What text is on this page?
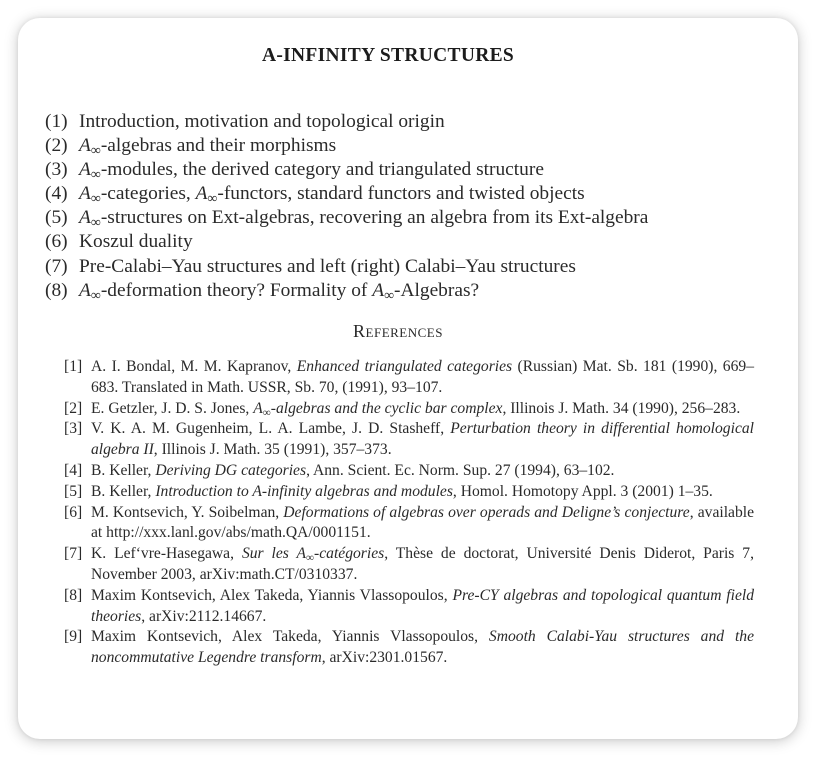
A-INFINITY STRUCTURES
(1) Introduction, motivation and topological origin
(2) $A_\infty$-algebras and their morphisms
(3) $A_\infty$-modules, the derived category and triangulated structure
(4) $A_\infty$-categories, $A_\infty$-functors, standard functors and twisted objects
(5) $A_\infty$-structures on Ext-algebras, recovering an algebra from its Ext-algebra
(6) Koszul duality
(7) Pre-Calabi–Yau structures and left (right) Calabi–Yau structures
(8) $A_\infty$-deformation theory? Formality of $A_\infty$-Algebras?
References
[1] A. I. Bondal, M. M. Kapranov, Enhanced triangulated categories (Russian) Mat. Sb. 181 (1990), 669–683. Translated in Math. USSR, Sb. 70, (1991), 93–107.
[2] E. Getzler, J. D. S. Jones, $A_\infty$-algebras and the cyclic bar complex, Illinois J. Math. 34 (1990), 256–283.
[3] V. K. A. M. Gugenheim, L. A. Lambe, J. D. Stasheff, Perturbation theory in differential homological algebra II, Illinois J. Math. 35 (1991), 357–373.
[4] B. Keller, Deriving DG categories, Ann. Scient. Ec. Norm. Sup. 27 (1994), 63–102.
[5] B. Keller, Introduction to A-infinity algebras and modules, Homol. Homotopy Appl. 3 (2001) 1–35.
[6] M. Kontsevich, Y. Soibelman, Deformations of algebras over operads and Deligne’s conjecture, available at http://xxx.lanl.gov/abs/math.QA/0001151.
[7] K. Lef‘vre-Hasegawa, Sur les $A_\infty$-catégories, Thèse de doctorat, Université Denis Diderot, Paris 7, November 2003, arXiv:math.CT/0310337.
[8] Maxim Kontsevich, Alex Takeda, Yiannis Vlassopoulos, Pre-CY algebras and topological quantum field theories, arXiv:2112.14667.
[9] Maxim Kontsevich, Alex Takeda, Yiannis Vlassopoulos, Smooth Calabi-Yau structures and the noncommutative Legendre transform, arXiv:2301.01567.
